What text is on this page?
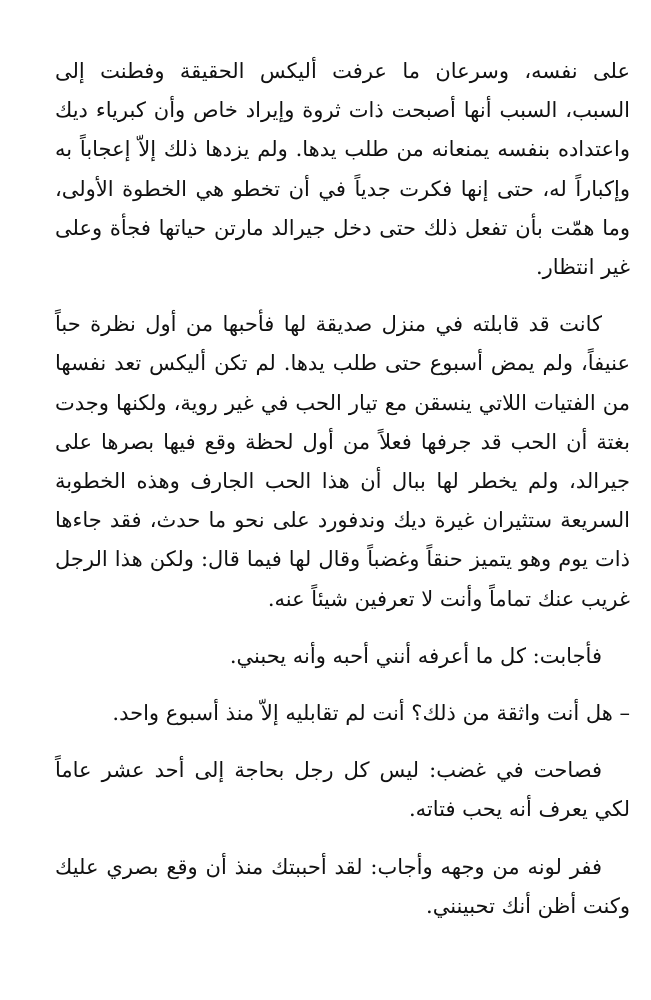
على نفسه، وسرعان ما عرفت أليكس الحقيقة وفطنت إلى السبب، السبب أنها أصبحت ذات ثروة وإيراد خاص وأن كبرياء ديك واعتداده بنفسه يمنعانه من طلب يدها. ولم يزدها ذلك إلاّ إعجاباً به وإكباراً له، حتى إنها فكرت جدياً في أن تخطو هي الخطوة الأولى، وما همّت بأن تفعل ذلك حتى دخل جيرالد مارتن حياتها فجأة وعلى غير انتظار.

كانت قد قابلته في منزل صديقة لها فأحبها من أول نظرة حباً عنيفاً، ولم يمض أسبوع حتى طلب يدها. لم تكن أليكس تعد نفسها من الفتيات اللاتي ينسقن مع تيار الحب في غير روية، ولكنها وجدت بغتة أن الحب قد جرفها فعلاً من أول لحظة وقع فيها بصرها على جيرالد، ولم يخطر لها ببال أن هذا الحب الجارف وهذه الخطوبة السريعة ستثيران غيرة ديك وندفورد على نحو ما حدث، فقد جاءها ذات يوم وهو يتميز حنقاً وغضباً وقال لها فيما قال: ولكن هذا الرجل غريب عنك تماماً وأنت لا تعرفين شيئاً عنه.

فأجابت: كل ما أعرفه أنني أحبه وأنه يحبني.

– هل أنت واثقة من ذلك؟ أنت لم تقابليه إلاّ منذ أسبوع واحد.

فصاحت في غضب: ليس كل رجل بحاجة إلى أحد عشر عاماً لكي يعرف أنه يحب فتاته.

ففر لونه من وجهه وأجاب: لقد أحببتك منذ أن وقع بصري عليك وكنت أظن أنك تحبينني.
